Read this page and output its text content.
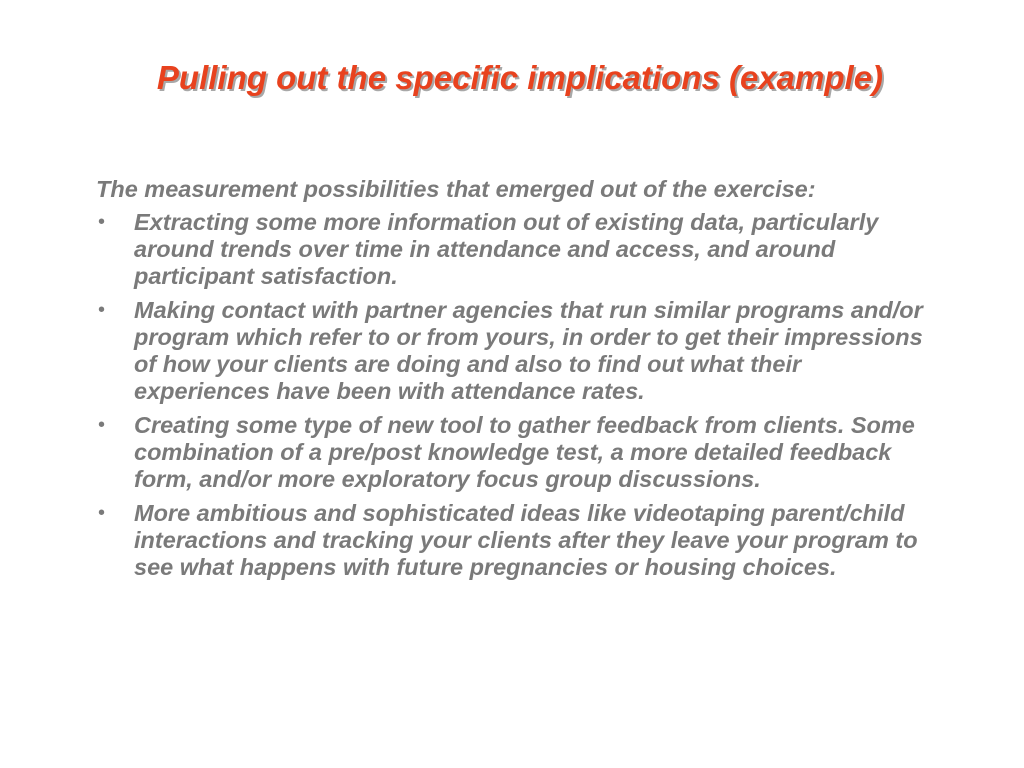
Pulling out the specific implications (example)

The measurement possibilities that emerged out of the exercise:

• Extracting some more information out of existing data, particularly around trends over time in attendance and access, and around participant satisfaction.
• Making contact with partner agencies that run similar programs and/or program which refer to or from yours, in order to get their impressions of how your clients are doing and also to find out what their experiences have been with attendance rates.
• Creating some type of new tool to gather feedback from clients. Some combination of a pre/post knowledge test, a more detailed feedback form, and/or more exploratory focus group discussions.
• More ambitious and sophisticated ideas like videotaping parent/child interactions and tracking your clients after they leave your program to see what happens with future pregnancies or housing choices.
